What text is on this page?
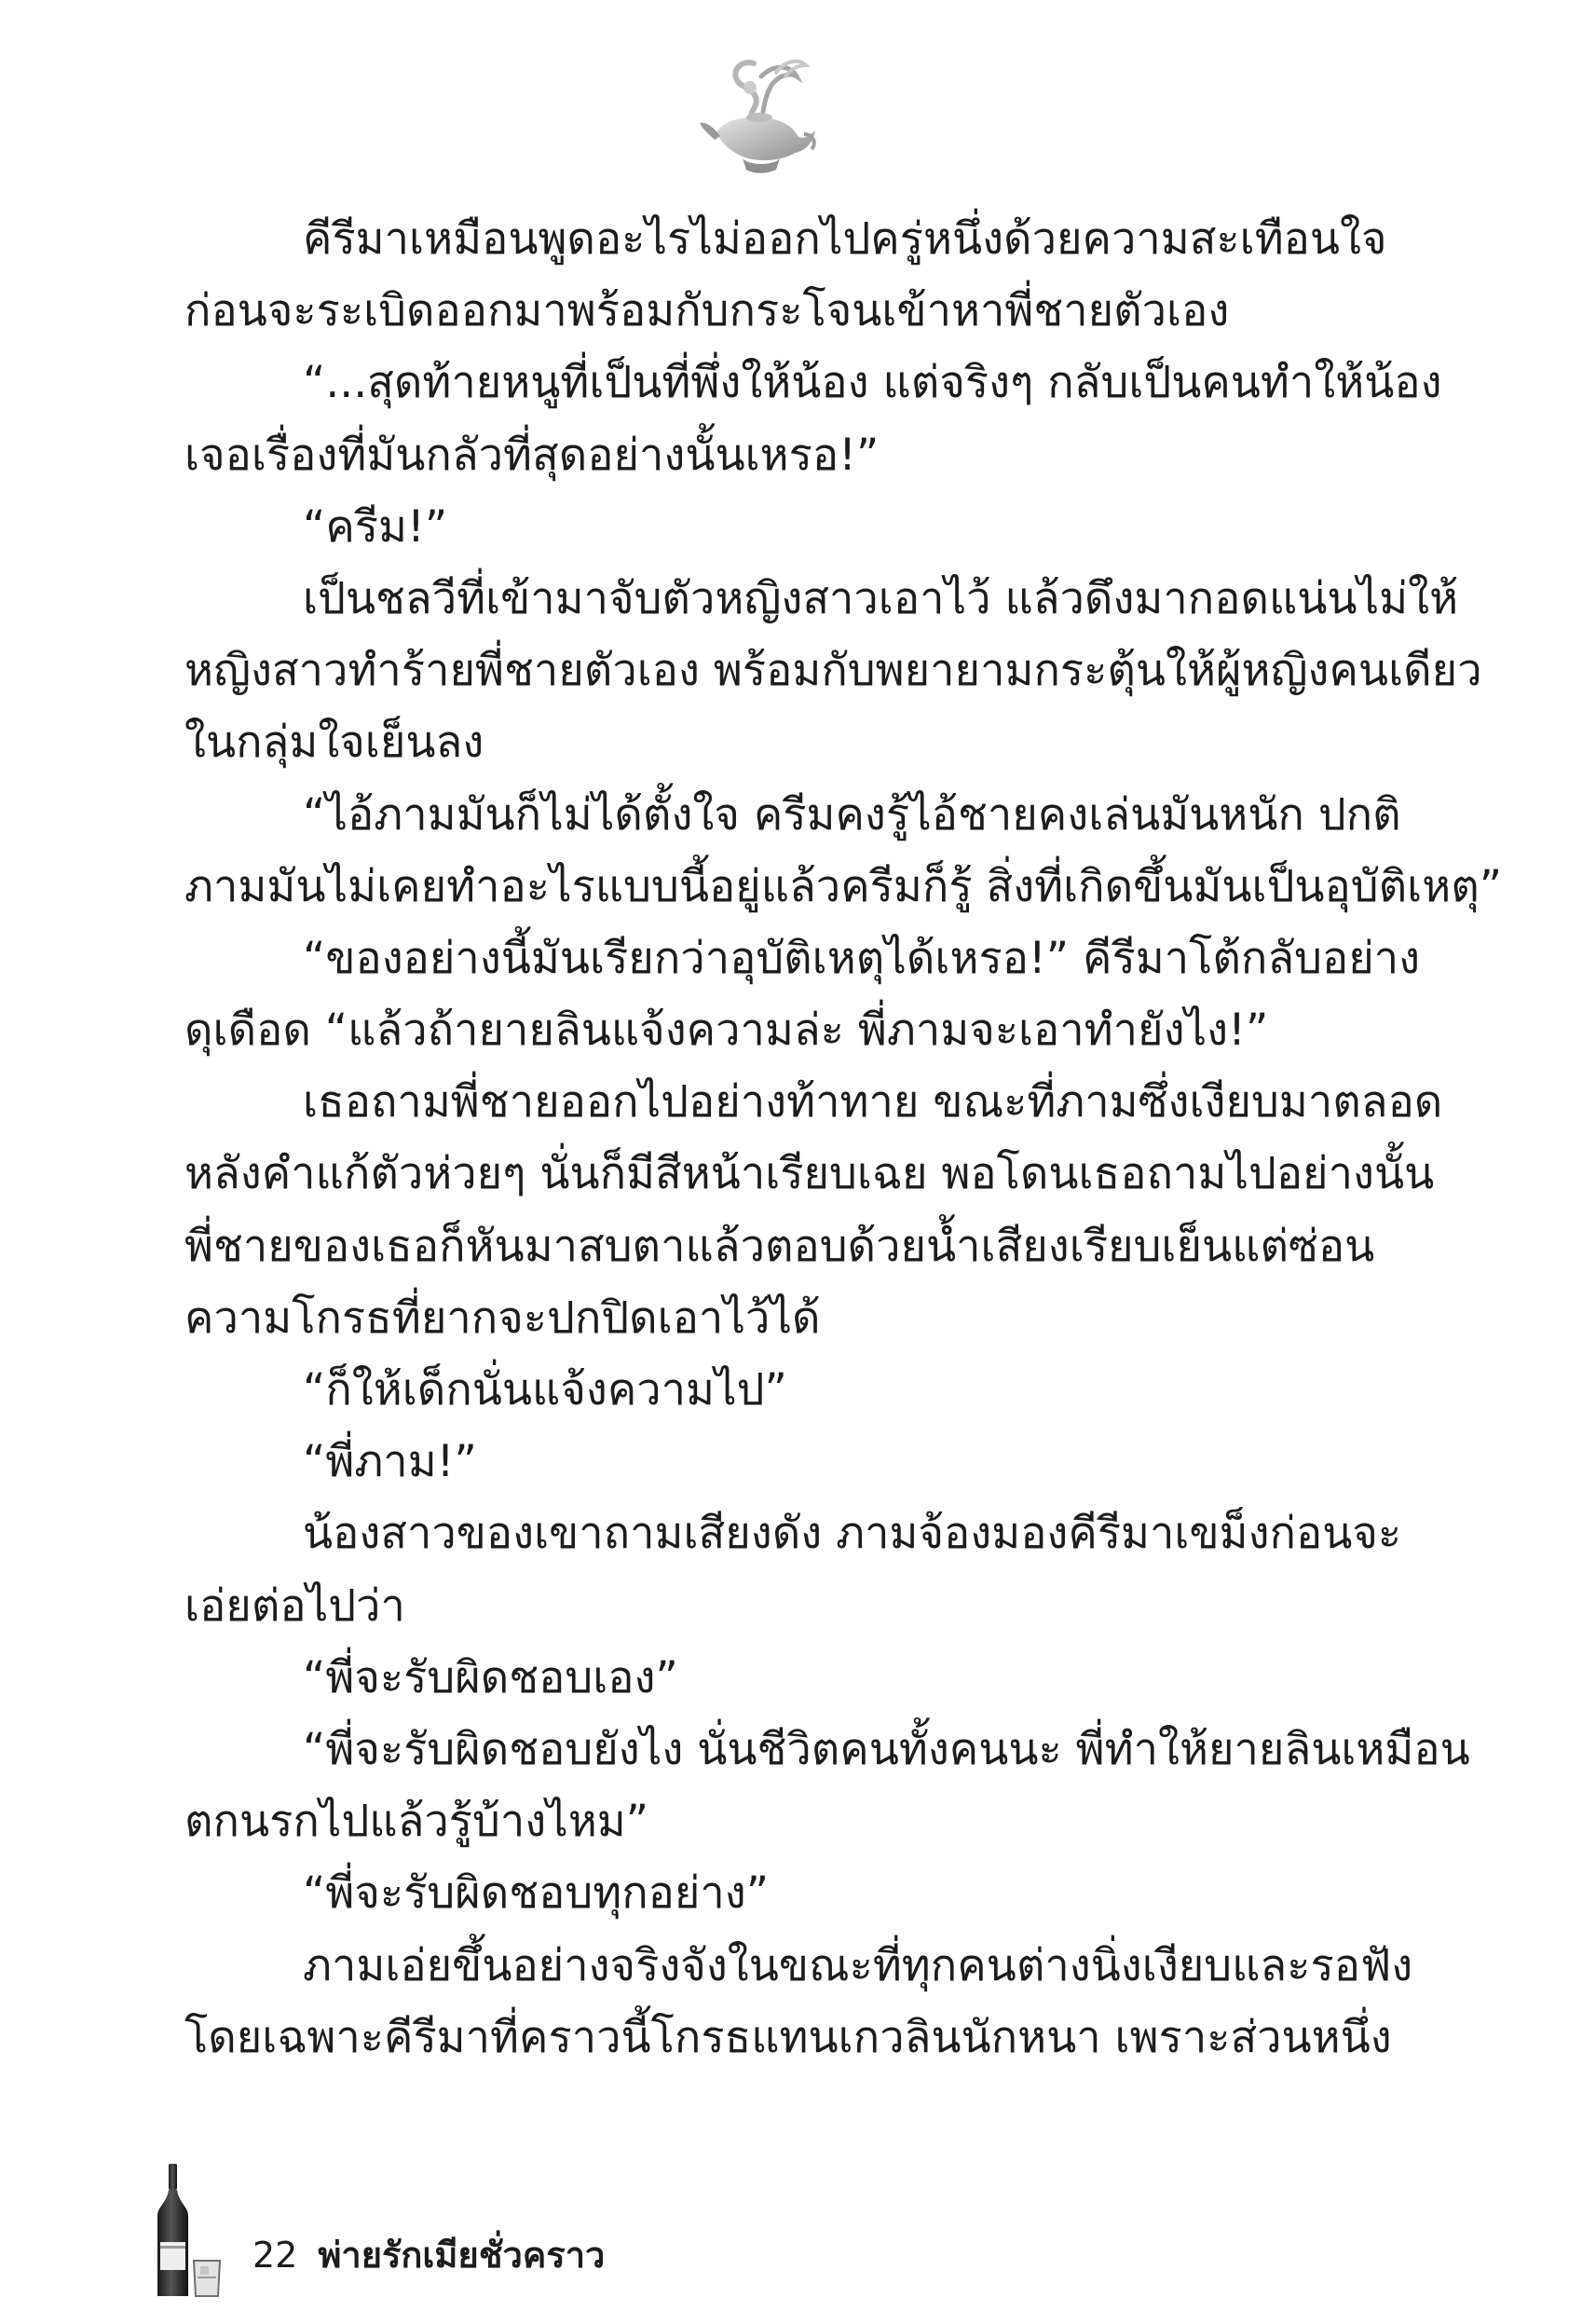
คีรีมาเหมือนพูดอะไรไม่ออกไปครู่หนึ่งด้วยความสะเทือนใจ
ก่อนจะระเบิดออกมาพร้อมกับกระโจนเข้าหาพี่ชายตัวเอง
“...สุดท้ายหนูที่เป็นที่พึ่งให้น้อง แต่จริงๆ กลับเป็นคนทำให้น้อง
เจอเรื่องที่มันกลัวที่สุดอย่างนั้นเหรอ!”
“ครีม!”
เป็นชลวีที่เข้ามาจับตัวหญิงสาวเอาไว้ แล้วดึงมากอดแน่นไม่ให้
หญิงสาวทำร้ายพี่ชายตัวเอง พร้อมกับพยายามกระตุ้นให้ผู้หญิงคนเดียว
ในกลุ่มใจเย็นลง
“ไอ้ภามมันก็ไม่ได้ตั้งใจ ครีมคงรู้ไอ้ชายคงเล่นมันหนัก ปกติ
ภามมันไม่เคยทำอะไรแบบนี้อยู่แล้วครีมก็รู้ สิ่งที่เกิดขึ้นมันเป็นอุบัติเหตุ”
“ของอย่างนี้มันเรียกว่าอุบัติเหตุได้เหรอ!” คีรีมาโต้กลับอย่าง
ดุเดือด “แล้วถ้ายายลินแจ้งความล่ะ พี่ภามจะเอาทำยังไง!”
เธอถามพี่ชายออกไปอย่างท้าทาย ขณะที่ภามซึ่งเงียบมาตลอด
หลังคำแก้ตัวห่วยๆ นั่นก็มีสีหน้าเรียบเฉย พอโดนเธอถามไปอย่างนั้น
พี่ชายของเธอก็หันมาสบตาแล้วตอบด้วยน้ำเสียงเรียบเย็นแต่ซ่อน
ความโกรธที่ยากจะปกปิดเอาไว้ได้
“ก็ให้เด็กนั่นแจ้งความไป”
“พี่ภาม!”
น้องสาวของเขาถามเสียงดัง ภามจ้องมองคีรีมาเขม็งก่อนจะ
เอ่ยต่อไปว่า
“พี่จะรับผิดชอบเอง”
“พี่จะรับผิดชอบยังไง นั่นชีวิตคนทั้งคนนะ พี่ทำให้ยายลินเหมือน
ตกนรกไปแล้วรู้บ้างไหม”
“พี่จะรับผิดชอบทุกอย่าง”
ภามเอ่ยขึ้นอย่างจริงจังในขณะที่ทุกคนต่างนิ่งเงียบและรอฟัง
โดยเฉพาะคีรีมาที่คราวนี้โกรธแทนเกวลินนักหนา เพราะส่วนหนึ่ง
22 พ่ายรักเมียชั่วคราว
